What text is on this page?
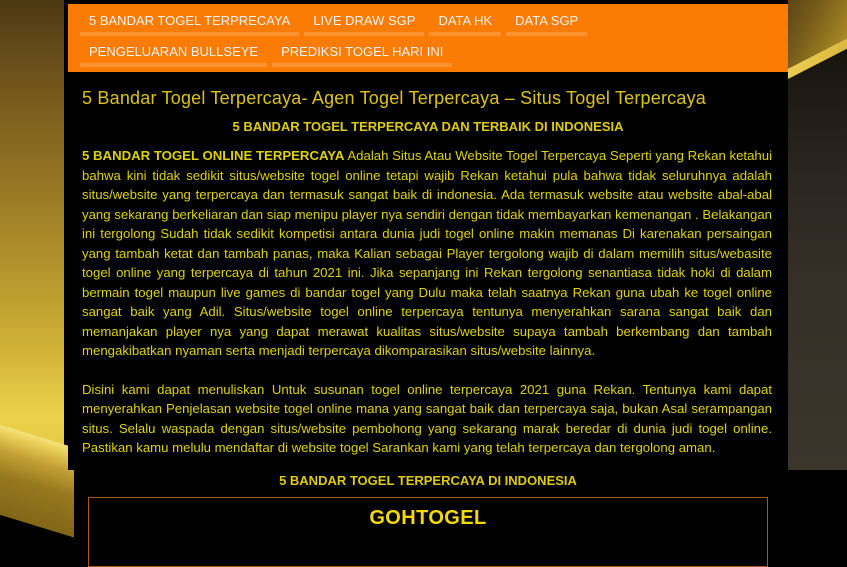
5 BANDAR TOGEL TERPRECAYA	LIVE DRAW SGP	DATA HK	DATA SGP
PENGELUARAN BULLSEYE	PREDIKSI TOGEL HARI INI
5 Bandar Togel Terpercaya- Agen Togel Terpercaya – Situs Togel Terpercaya
5 BANDAR TOGEL TERPERCAYA DAN TERBAIK DI INDONESIA

5 BANDAR TOGEL ONLINE TERPERCAYA Adalah Situs Atau Website Togel Terpercaya Seperti yang Rekan ketahui bahwa kini tidak sedikit situs/website togel online tetapi wajib Rekan ketahui pula bahwa tidak seluruhnya adalah situs/website yang terpercaya dan termasuk sangat baik di indonesia. Ada termasuk website atau website abal-abal yang sekarang berkeliaran dan siap menipu player nya sendiri dengan tidak membayarkan kemenangan . Belakangan ini tergolong Sudah tidak sedikit kompetisi antara dunia judi togel online makin memanas Di karenakan persaingan yang tambah ketat dan tambah panas, maka Kalian sebagai Player tergolong wajib di dalam memilih situs/webasite togel online yang terpercaya di tahun 2021 ini. Jika sepanjang ini Rekan tergolong senantiasa tidak hoki di dalam bermain togel maupun live games di bandar togel yang Dulu maka telah saatnya Rekan guna ubah ke togel online sangat baik yang Adil. Situs/website togel online terpercaya tentunya menyerahkan sarana sangat baik dan memanjakan player nya yang dapat merawat kualitas situs/website supaya tambah berkembang dan tambah mengakibatkan nyaman serta menjadi terpercaya dikomparasikan situs/website lainnya.

Disini kami dapat menuliskan Untuk susunan togel online terpercaya 2021 guna Rekan. Tentunya kami dapat menyerahkan Penjelasan website togel online mana yang sangat baik dan terpercaya saja, bukan Asal serampangan situs. Selalu waspada dengan situs/website pembohong yang sekarang marak beredar di dunia judi togel online. Pastikan kamu melulu mendaftar di website togel Sarankan kami yang telah terpercaya dan tergolong aman.

5 BANDAR TOGEL TERPERCAYA DI INDONESIA
GOHTOGEL
